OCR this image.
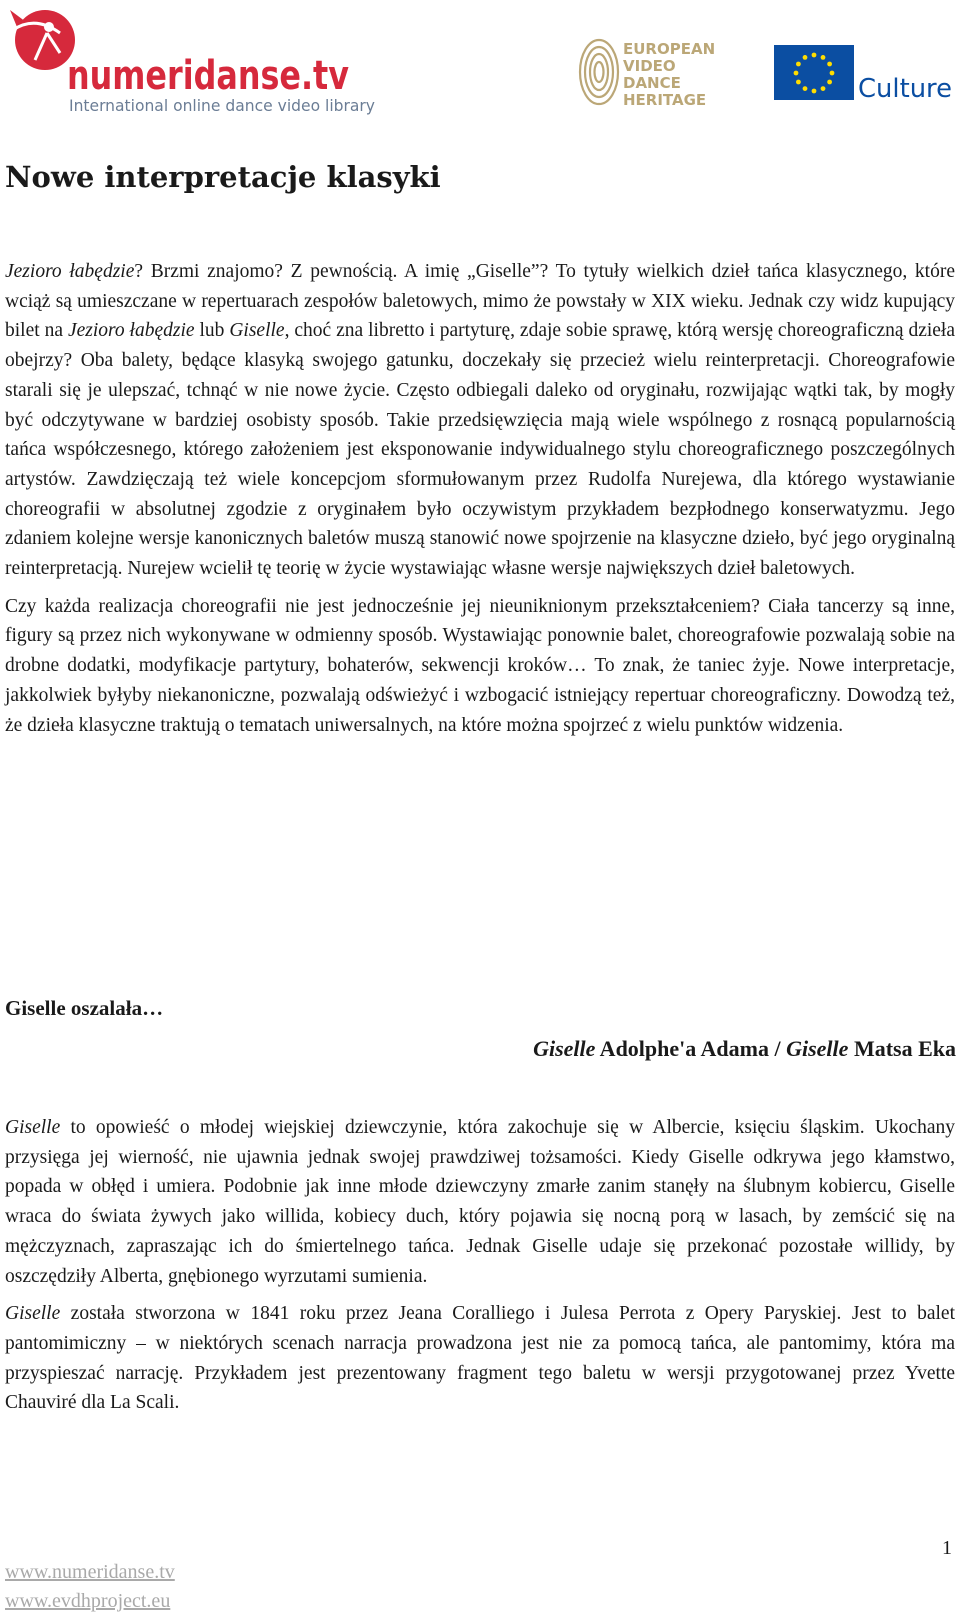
numeridanse.tv
International online dance video library
EUROPEAN
VIDEO
DANCE
HERITAGE	Culture
Nowe interpretacje klasyki

Jezioro łabędzie? Brzmi znajomo? Z pewnością. A imię „Giselle”? To tytuły wielkich dzieł tańca klasycznego, które wciąż są umieszczane w repertuarach zespołów baletowych, mimo że powstały w XIX wieku. Jednak czy widz kupujący bilet na Jezioro łabędzie lub Giselle, choć zna libretto i partyturę, zdaje sobie sprawę, którą wersję choreograficzną dzieła obejrzy? Oba balety, będące klasyką swojego gatunku, doczekały się przecież wielu reinterpretacji. Choreografowie starali się je ulepszać, tchnąć w nie nowe życie. Często odbiegali daleko od oryginału, rozwijając wątki tak, by mogły być odczytywane w bardziej osobisty sposób. Takie przedsięwzięcia mają wiele wspólnego z rosnącą popularnością tańca współczesnego, którego założeniem jest eksponowanie indywidualnego stylu choreograficznego poszczególnych artystów. Zawdzięczają też wiele koncepcjom sformułowanym przez Rudolfa Nurejewa, dla którego wystawianie choreografii w absolutnej zgodzie z oryginałem było oczywistym przykładem bezpłodnego konserwatyzmu. Jego zdaniem kolejne wersje kanonicznych baletów muszą stanowić nowe spojrzenie na klasyczne dzieło, być jego oryginalną reinterpretacją. Nurejew wcielił tę teorię w życie wystawiając własne wersje największych dzieł baletowych.

Czy każda realizacja choreografii nie jest jednocześnie jej nieuniknionym przekształceniem? Ciała tancerzy są inne, figury są przez nich wykonywane w odmienny sposób. Wystawiając ponownie balet, choreografowie pozwalają sobie na drobne dodatki, modyfikacje partytury, bohaterów, sekwencji kroków… To znak, że taniec żyje. Nowe interpretacje, jakkolwiek byłyby niekanoniczne, pozwalają odświeżyć i wzbogacić istniejący repertuar choreograficzny. Dowodzą też, że dzieła klasyczne traktują o tematach uniwersalnych, na które można spojrzeć z wielu punktów widzenia.

Giselle oszalała…
Giselle Adolphe'a Adama / Giselle Matsa Eka

Giselle to opowieść o młodej wiejskiej dziewczynie, która zakochuje się w Albercie, księciu śląskim. Ukochany przysięga jej wierność, nie ujawnia jednak swojej prawdziwej tożsamości. Kiedy Giselle odkrywa jego kłamstwo, popada w obłęd i umiera. Podobnie jak inne młode dziewczyny zmarłe zanim stanęły na ślubnym kobiercu, Giselle wraca do świata żywych jako willida, kobiecy duch, który pojawia się nocną porą w lasach, by zemścić się na mężczyznach, zapraszając ich do śmiertelnego tańca. Jednak Giselle udaje się przekonać pozostałe willidy, by oszczędziły Alberta, gnębionego wyrzutami sumienia.

Giselle została stworzona w 1841 roku przez Jeana Coralliego i Julesa Perrota z Opery Paryskiej. Jest to balet pantomimiczny – w niektórych scenach narracja prowadzona jest nie za pomocą tańca, ale pantomimy, która ma przyspieszać narrację. Przykładem jest prezentowany fragment tego baletu w wersji przygotowanej przez Yvette Chauviré dla La Scali.

1
www.numeridanse.tv
www.evdhproject.eu
